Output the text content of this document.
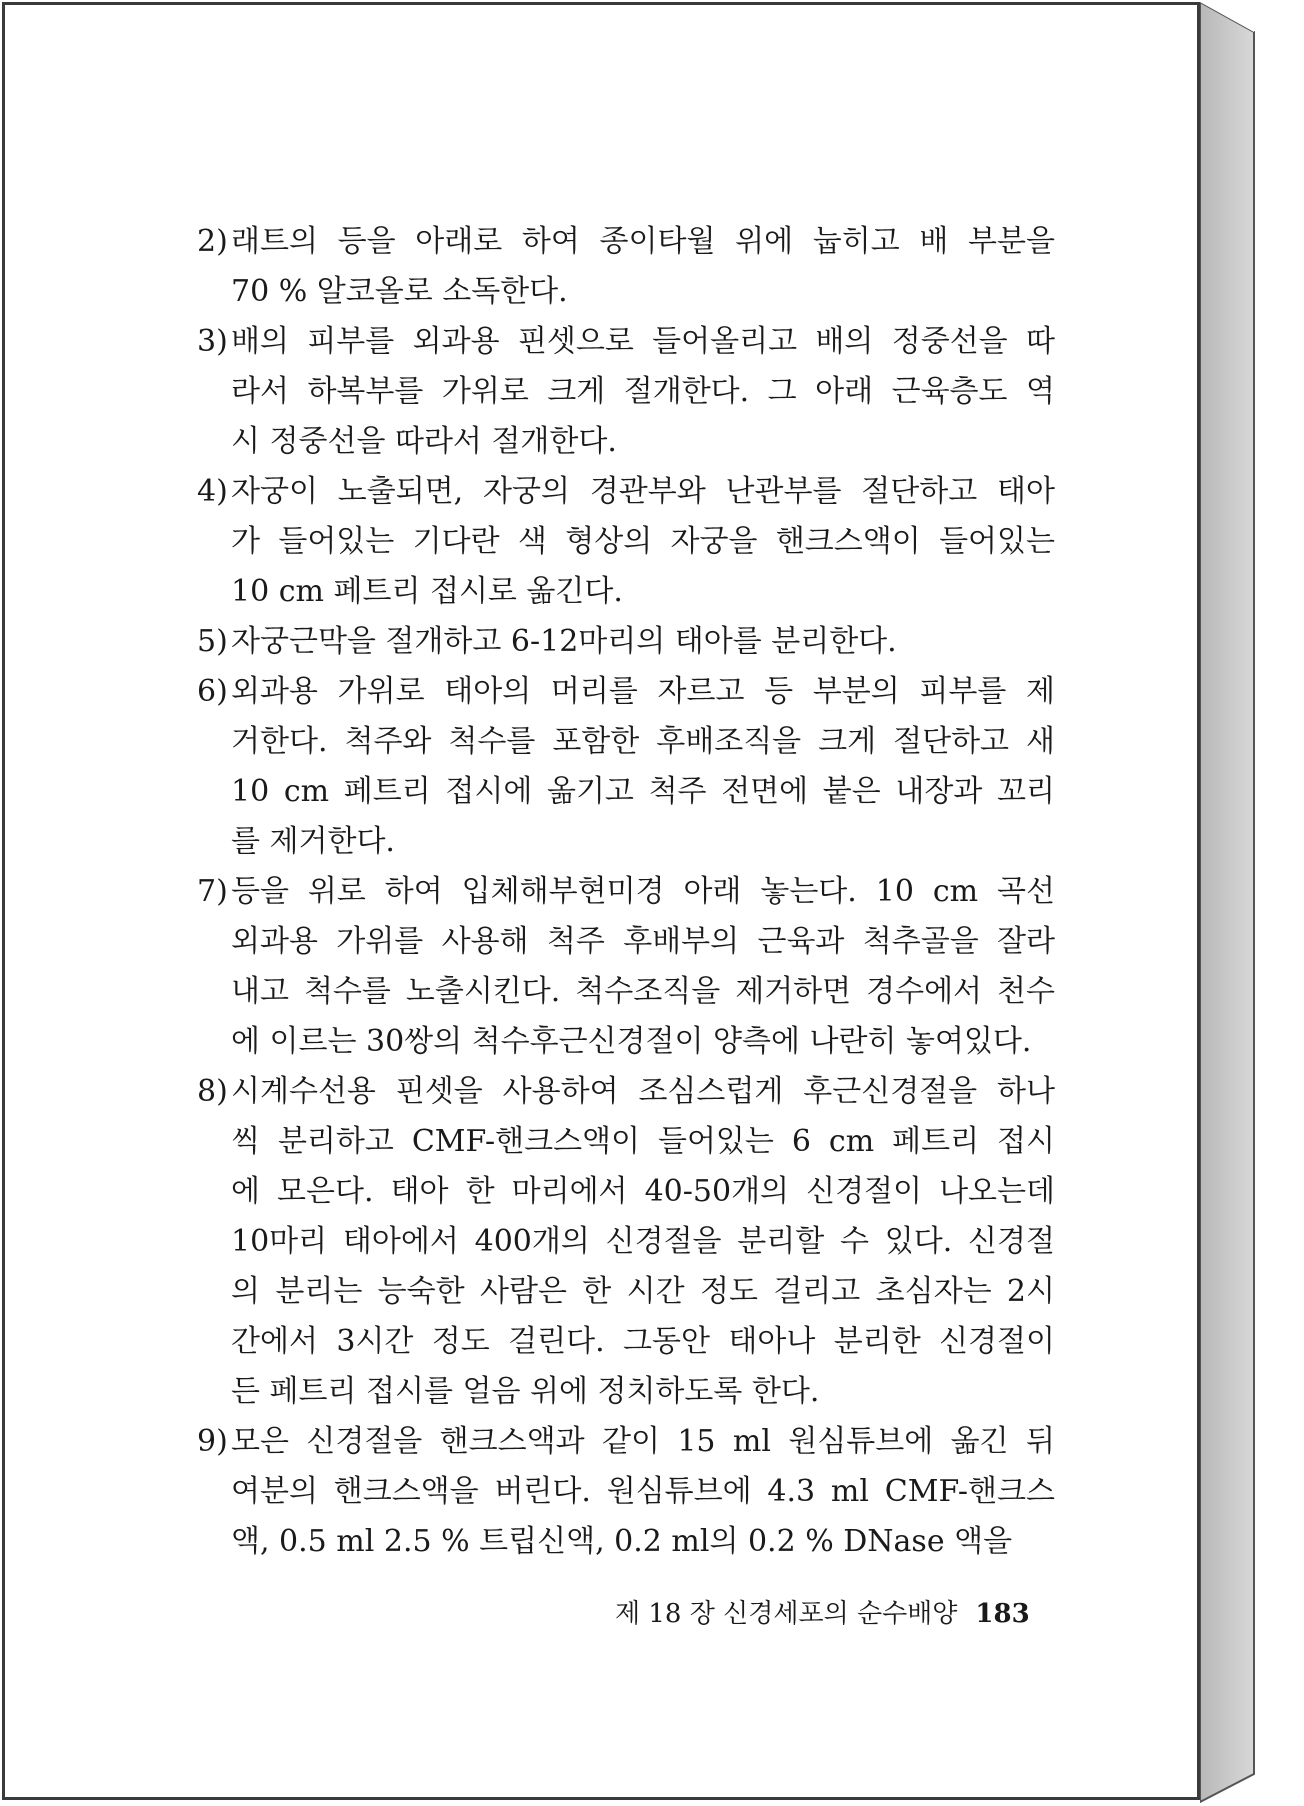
2) 래트의 등을 아래로 하여 종이타월 위에 눕히고 배 부분을
70 % 알코올로 소독한다.
3) 배의 피부를 외과용 핀셋으로 들어올리고 배의 정중선을 따
라서 하복부를 가위로 크게 절개한다. 그 아래 근육층도 역
시 정중선을 따라서 절개한다.
4) 자궁이 노출되면, 자궁의 경관부와 난관부를 절단하고 태아
가 들어있는 기다란 색 형상의 자궁을 핸크스액이 들어있는
10 cm 페트리 접시로 옮긴다.
5) 자궁근막을 절개하고 6-12마리의 태아를 분리한다.
6) 외과용 가위로 태아의 머리를 자르고 등 부분의 피부를 제
거한다. 척주와 척수를 포함한 후배조직을 크게 절단하고 새
10 cm 페트리 접시에 옮기고 척주 전면에 붙은 내장과 꼬리
를 제거한다.
7) 등을 위로 하여 입체해부현미경 아래 놓는다. 10 cm 곡선
외과용 가위를 사용해 척주 후배부의 근육과 척추골을 잘라
내고 척수를 노출시킨다. 척수조직을 제거하면 경수에서 천수
에 이르는 30쌍의 척수후근신경절이 양측에 나란히 놓여있다.
8) 시계수선용 핀셋을 사용하여 조심스럽게 후근신경절을 하나
씩 분리하고 CMF-핸크스액이 들어있는 6 cm 페트리 접시
에 모은다. 태아 한 마리에서 40-50개의 신경절이 나오는데
10마리 태아에서 400개의 신경절을 분리할 수 있다. 신경절
의 분리는 능숙한 사람은 한 시간 정도 걸리고 초심자는 2시
간에서 3시간 정도 걸린다. 그동안 태아나 분리한 신경절이
든 페트리 접시를 얼음 위에 정치하도록 한다.
9) 모은 신경절을 핸크스액과 같이 15 ml 원심튜브에 옮긴 뒤
여분의 핸크스액을 버린다. 원심튜브에 4.3 ml CMF-핸크스
액, 0.5 ml 2.5 % 트립신액, 0.2 ml의 0.2 % DNase 액을
제 18 장 신경세포의 순수배양 183
